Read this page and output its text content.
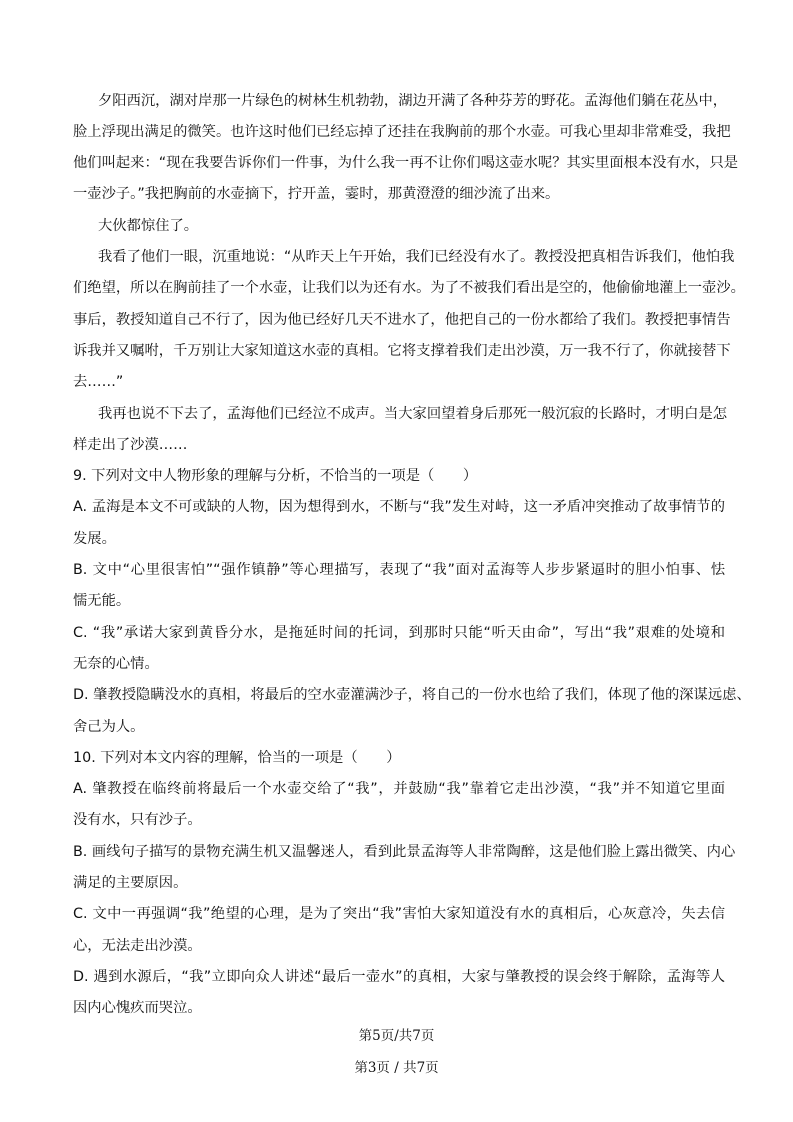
夕阳西沉，湖对岸那一片绿色的树林生机勃勃，湖边开满了各种芬芳的野花。孟海他们躺在花丛中，
脸上浮现出满足的微笑。也许这时他们已经忘掉了还挂在我胸前的那个水壶。可我心里却非常难受，我把
他们叫起来：“现在我要告诉你们一件事，为什么我一再不让你们喝这壶水呢？其实里面根本没有水，只是
一壶沙子。”我把胸前的水壶摘下，拧开盖，霎时，那黄澄澄的细沙流了出来。
大伙都惊住了。
我看了他们一眼，沉重地说：“从昨天上午开始，我们已经没有水了。教授没把真相告诉我们，他怕我
们绝望，所以在胸前挂了一个水壶，让我们以为还有水。为了不被我们看出是空的，他偷偷地灌上一壶沙。
事后，教授知道自己不行了，因为他已经好几天不进水了，他把自己的一份水都给了我们。教授把事情告
诉我并又嘱咐，千万别让大家知道这水壶的真相。它将支撑着我们走出沙漠，万一我不行了，你就接替下
去……”
我再也说不下去了，孟海他们已经泣不成声。当大家回望着身后那死一般沉寂的长路时，才明白是怎
样走出了沙漠……
9. 下列对文中人物形象的理解与分析，不恰当的一项是（　　）
A. 孟海是本文不可或缺的人物，因为想得到水，不断与“我”发生对峙，这一矛盾冲突推动了故事情节的
发展。
B. 文中“心里很害怕”“强作镇静”等心理描写，表现了“我”面对孟海等人步步紧逼时的胆小怕事、怯
懦无能。
C. “我”承诺大家到黄昏分水，是拖延时间的托词，到那时只能“听天由命”，写出“我”艰难的处境和
无奈的心情。
D. 肇教授隐瞒没水的真相，将最后的空水壶灌满沙子，将自己的一份水也给了我们，体现了他的深谋远虑、
舍己为人。
10. 下列对本文内容的理解，恰当的一项是（　　）
A. 肇教授在临终前将最后一个水壶交给了“我”，并鼓励“我”靠着它走出沙漠，“我”并不知道它里面
没有水，只有沙子。
B. 画线句子描写的景物充满生机又温馨迷人，看到此景孟海等人非常陶醉，这是他们脸上露出微笑、内心
满足的主要原因。
C. 文中一再强调“我”绝望的心理，是为了突出“我”害怕大家知道没有水的真相后，心灰意冷，失去信
心，无法走出沙漠。
D. 遇到水源后，“我”立即向众人讲述“最后一壶水”的真相，大家与肇教授的误会终于解除，孟海等人
因内心愧疚而哭泣。
第5页/共7页
第3页 / 共7页
